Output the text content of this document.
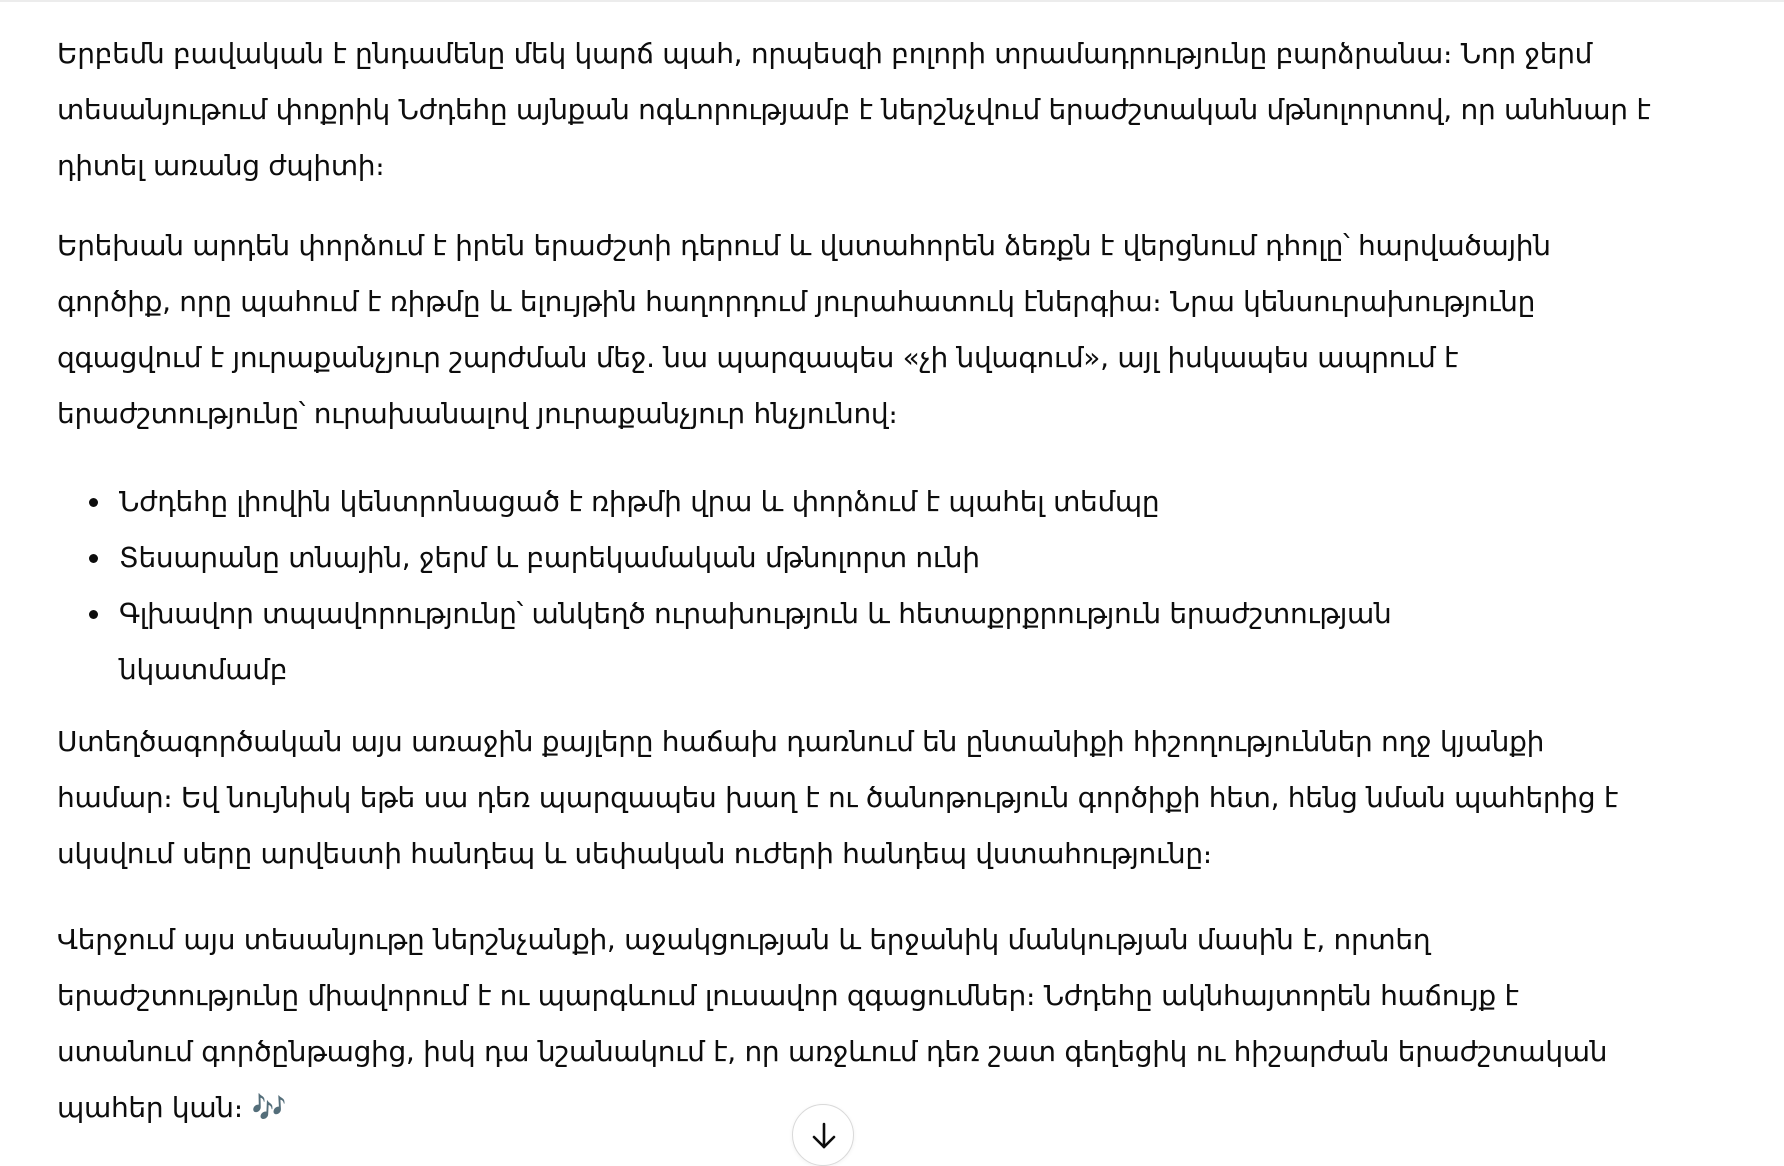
Երբեմն բավական է ընդամենը մեկ կարճ պահ, որպեսզի բոլորի տրամադրությունը բարձրանա։ Նոր ջերմ տեսանյութում փոքրիկ Նժդեհը այնքան ոգևորությամբ է ներշնչվում երաժշտական մթնոլորտով, որ անհնար է դիտել առանց ժպիտի։

Երեխան արդեն փորձում է իրեն երաժշտի դերում և վստահորեն ձեռքն է վերցնում դհոլը՝ հարվածային գործիք, որը պահում է ռիթմը և ելույթին հաղորդում յուրահատուկ էներգիա։ Նրա կենսուրախությունը զգացվում է յուրաքանչյուր շարժման մեջ. նա պարզապես «չի նվագում», այլ իսկապես ապրում է երաժշտությունը՝ ուրախանալով յուրաքանչյուր հնչյունով։

Նժդեհը լիովին կենտրոնացած է ռիթմի վրա և փորձում է պահել տեմպը
Տեսարանը տնային, ջերմ և բարեկամական մթնոլորտ ունի
Գլխավոր տպավորությունը՝ անկեղծ ուրախություն և հետաքրքրություն երաժշտության նկատմամբ

Ստեղծագործական այս առաջին քայլերը հաճախ դառնում են ընտանիքի հիշողություններ ողջ կյանքի համար։ Եվ նույնիսկ եթե սա դեռ պարզապես խաղ է ու ծանոթություն գործիքի հետ, հենց նման պահերից է սկսվում սերը արվեստի հանդեպ և սեփական ուժերի հանդեպ վստահությունը։

Վերջում այս տեսանյութը ներշնչանքի, աջակցության և երջանիկ մանկության մասին է, որտեղ երաժշտությունը միավորում է ու պարգևում լուսավոր զգացումներ։ Նժդեհը ակնհայտորեն հաճույք է ստանում գործընթացից, իսկ դա նշանակում է, որ առջևում դեռ շատ գեղեցիկ ու հիշարժան երաժշտական պահեր կան։ 🎶
